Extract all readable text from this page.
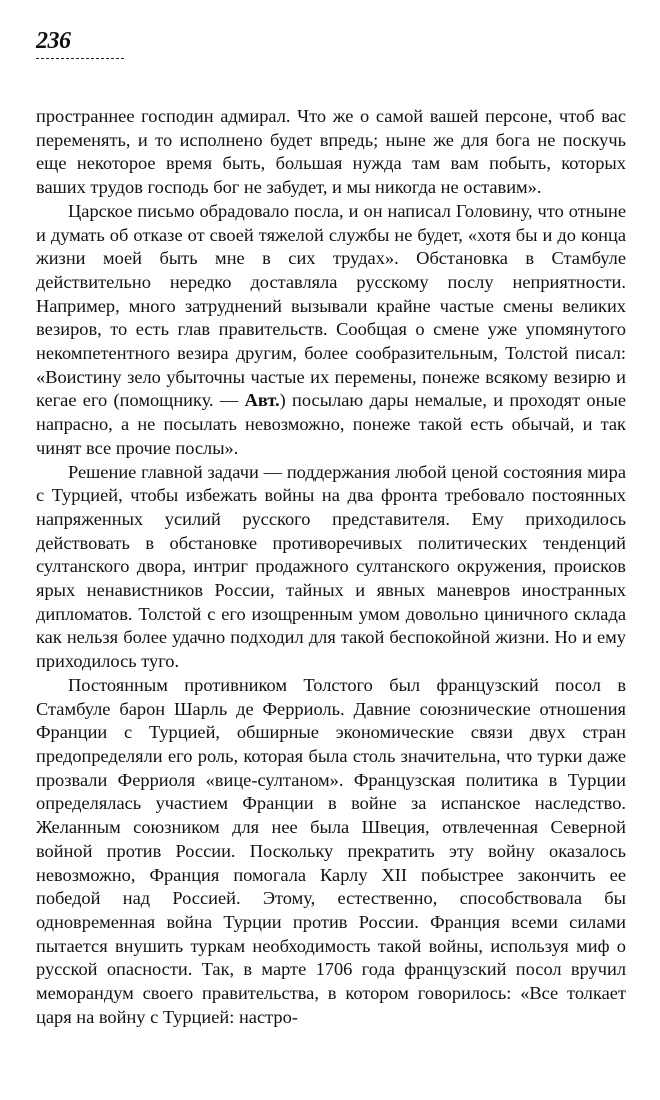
236

пространнее господин адмирал. Что же о самой вашей персоне, чтоб вас переменять, и то исполнено будет впредь; ныне же для бога не поскучь еще некоторое время быть, большая нужда там вам побыть, которых ваших трудов господь бог не забудет, и мы никогда не оставим».

Царское письмо обрадовало посла, и он написал Головину, что отныне и думать об отказе от своей тяжелой службы не будет, «хотя бы и до конца жизни моей быть мне в сих трудах». Обстановка в Стамбуле действительно нередко доставляла русскому послу неприятности. Например, много затруднений вызывали крайне частые смены великих везиров, то есть глав правительств. Сообщая о смене уже упомянутого некомпетентного везира другим, более сообразительным, Толстой писал: «Воистину зело убыточны частые их перемены, понеже всякому везирю и кегае его (помощнику. — Авт.) посылаю дары немалые, и проходят оные напрасно, а не посылать невозможно, понеже такой есть обычай, и так чинят все прочие послы».

Решение главной задачи — поддержания любой ценой состояния мира с Турцией, чтобы избежать войны на два фронта требовало постоянных напряженных усилий русского представителя. Ему приходилось действовать в обстановке противоречивых политических тенденций султанского двора, интриг продажного султанского окружения, происков ярых ненавистников России, тайных и явных маневров иностранных дипломатов. Толстой с его изощренным умом довольно циничного склада как нельзя более удачно подходил для такой беспокойной жизни. Но и ему приходилось туго.

Постоянным противником Толстого был французский посол в Стамбуле барон Шарль де Ферриоль. Давние союзнические отношения Франции с Турцией, обширные экономические связи двух стран предопределяли его роль, которая была столь значительна, что турки даже прозвали Ферриоля «вице-султаном». Французская политика в Турции определялась участием Франции в войне за испанское наследство. Желанным союзником для нее была Швеция, отвлеченная Северной войной против России. Поскольку прекратить эту войну оказалось невозможно, Франция помогала Карлу XII побыстрее закончить ее победой над Россией. Этому, естественно, способствовала бы одновременная война Турции против России. Франция всеми силами пытается внушить туркам необходимость такой войны, используя миф о русской опасности. Так, в марте 1706 года французский посол вручил меморандум своего правительства, в котором говорилось: «Все толкает царя на войну с Турцией: настро-
